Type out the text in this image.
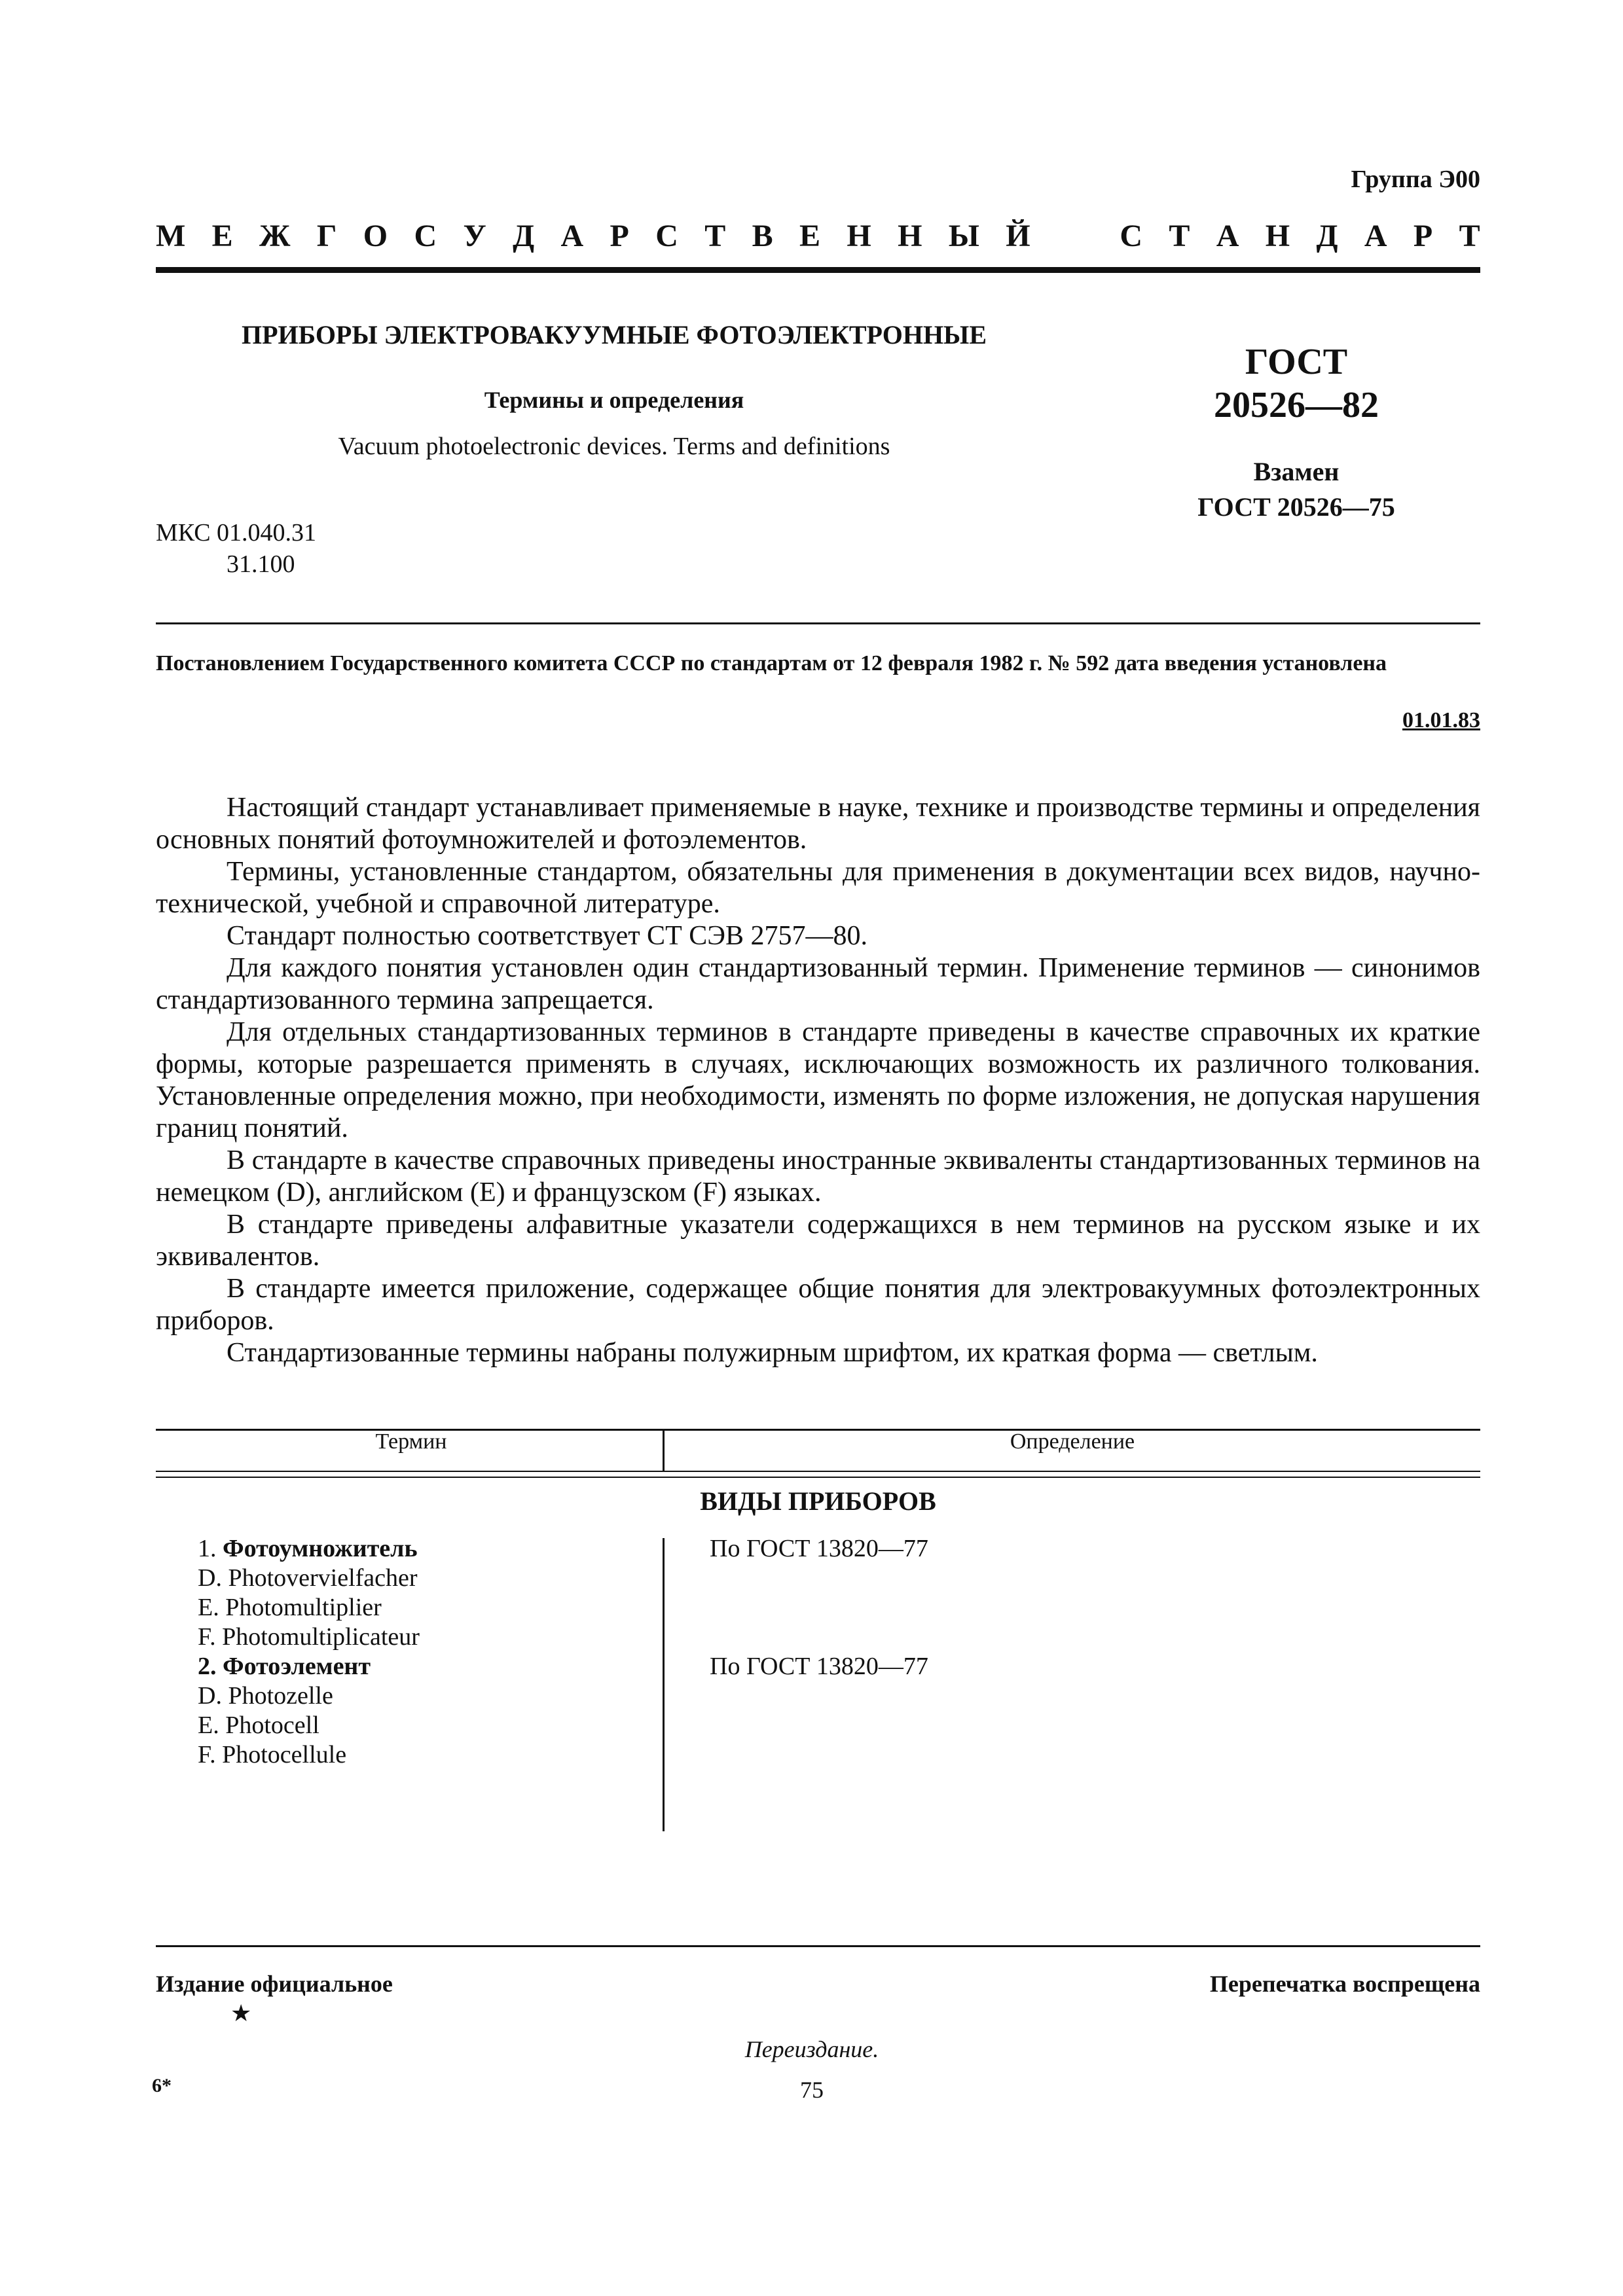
Группа Э00
М Е Ж Г О С У Д А Р С Т В Е Н Н Ы Й	С Т А Н Д А Р Т
ПРИБОРЫ ЭЛЕКТРОВАКУУМНЫЕ ФОТОЭЛЕКТРОННЫЕ
Термины и определения
Vacuum photoelectronic devices. Terms and definitions
ГОСТ
20526—82
Взамен
ГОСТ 20526—75
МКС 01.040.31
31.100
Постановлением Государственного комитета СССР по стандартам от 12 февраля 1982 г. № 592 дата введения установлена
01.01.83

Настоящий стандарт устанавливает применяемые в науке, технике и производстве термины и определения основных понятий фотоумножителей и фотоэлементов.

Термины, установленные стандартом, обязательны для применения в документации всех видов, научно-технической, учебной и справочной литературе.

Стандарт полностью соответствует СТ СЭВ 2757—80.

Для каждого понятия установлен один стандартизованный термин. Применение терминов — синонимов стандартизованного термина запрещается.

Для отдельных стандартизованных терминов в стандарте приведены в качестве справочных их краткие формы, которые разрешается применять в случаях, исключающих возможность их различного толкования. Установленные определения можно, при необходимости, изменять по форме изложения, не допуская нарушения границ понятий.

В стандарте в качестве справочных приведены иностранные эквиваленты стандартизованных терминов на немецком (D), английском (E) и французском (F) языках.

В стандарте приведены алфавитные указатели содержащихся в нем терминов на русском языке и их эквивалентов.

В стандарте имеется приложение, содержащее общие понятия для электровакуумных фотоэлектронных приборов.

Стандартизованные термины набраны полужирным шрифтом, их краткая форма — светлым.

Термин	Определение
ВИДЫ ПРИБОРОВ
1. Фотоумножитель
D. Photovervielfacher
E. Photomultiplier
F. Photomultiplicateur
2. Фотоэлемент
D. Photozelle
E. Photocell
F. Photocellule
По ГОСТ 13820—77
По ГОСТ 13820—77
Издание официальное	Перепечатка воспрещена
★
Переиздание.
6*	75
